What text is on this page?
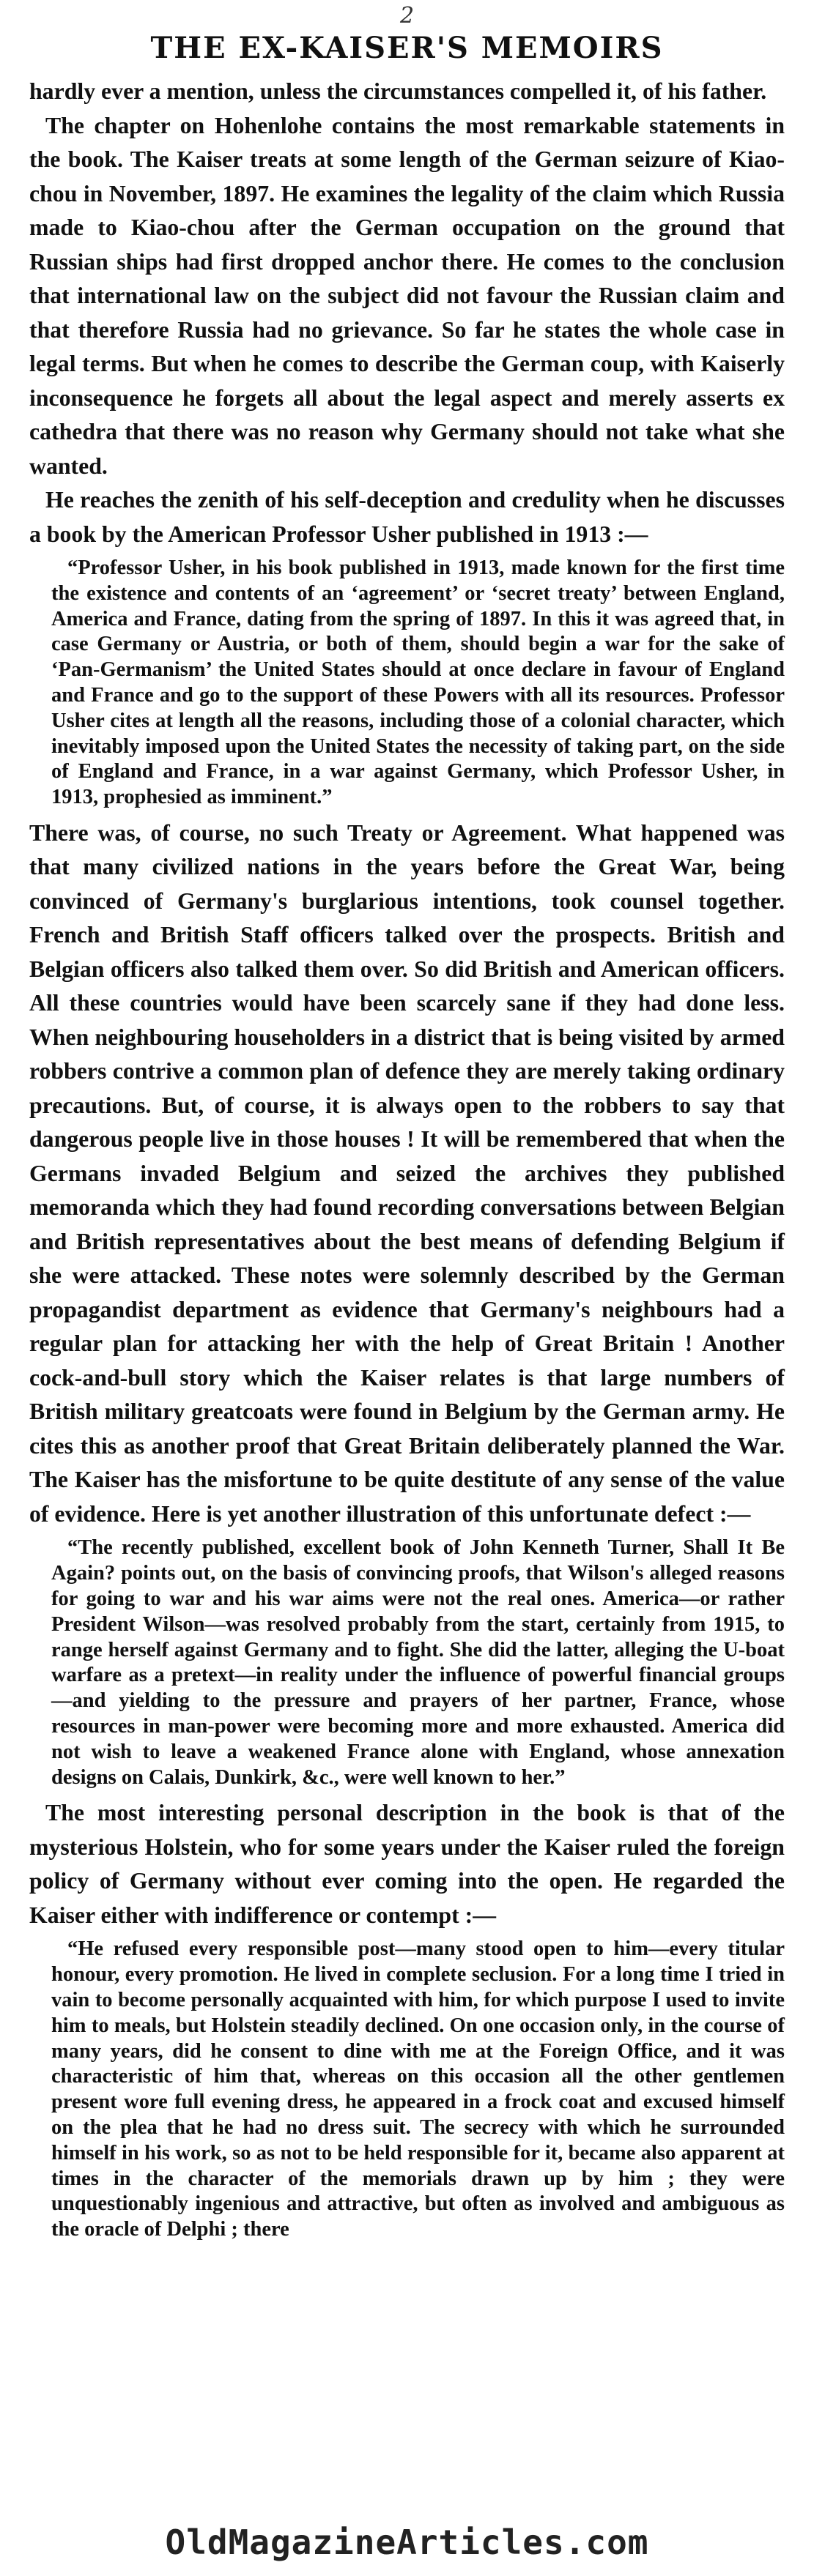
2
THE EX-KAISER'S MEMOIRS

hardly ever a mention, unless the circumstances compelled it, of his father.

The chapter on Hohenlohe contains the most remarkable statements in the book. The Kaiser treats at some length of the German seizure of Kiao-chou in November, 1897. He examines the legality of the claim which Russia made to Kiao-chou after the German occupation on the ground that Russian ships had first dropped anchor there. He comes to the conclusion that international law on the subject did not favour the Russian claim and that therefore Russia had no grievance. So far he states the whole case in legal terms. But when he comes to describe the German coup, with Kaiserly inconsequence he forgets all about the legal aspect and merely asserts ex cathedra that there was no reason why Germany should not take what she wanted.

He reaches the zenith of his self-deception and credulity when he discusses a book by the American Professor Usher published in 1913 :—

“Professor Usher, in his book published in 1913, made known for the first time the existence and contents of an ‘agreement’ or ‘secret treaty’ between England, America and France, dating from the spring of 1897. In this it was agreed that, in case Germany or Austria, or both of them, should begin a war for the sake of ‘Pan-Germanism’ the United States should at once declare in favour of England and France and go to the support of these Powers with all its resources. Professor Usher cites at length all the reasons, including those of a colonial character, which inevitably imposed upon the United States the necessity of taking part, on the side of England and France, in a war against Germany, which Professor Usher, in 1913, prophesied as imminent.”

There was, of course, no such Treaty or Agreement. What happened was that many civilized nations in the years before the Great War, being convinced of Germany's burglarious intentions, took counsel together. French and British Staff officers talked over the prospects. British and Belgian officers also talked them over. So did British and American officers. All these countries would have been scarcely sane if they had done less. When neighbouring householders in a district that is being visited by armed robbers contrive a common plan of defence they are merely taking ordinary precautions. But, of course, it is always open to the robbers to say that dangerous people live in those houses ! It will be remembered that when the Germans invaded Belgium and seized the archives they published memoranda which they had found recording conversations between Belgian and British representatives about the best means of defending Belgium if she were attacked. These notes were solemnly described by the German propagandist department as evidence that Germany's neighbours had a regular plan for attacking her with the help of Great Britain ! Another cock-and-bull story which the Kaiser relates is that large numbers of British military greatcoats were found in Belgium by the German army. He cites this as another proof that Great Britain deliberately planned the War. The Kaiser has the misfortune to be quite destitute of any sense of the value of evidence. Here is yet another illustration of this unfortunate defect :—

“The recently published, excellent book of John Kenneth Turner, Shall It Be Again? points out, on the basis of convincing proofs, that Wilson's alleged reasons for going to war and his war aims were not the real ones. America—or rather President Wilson—was resolved probably from the start, certainly from 1915, to range herself against Germany and to fight. She did the latter, alleging the U-boat warfare as a pretext—in reality under the influence of powerful financial groups—and yielding to the pressure and prayers of her partner, France, whose resources in man-power were becoming more and more exhausted. America did not wish to leave a weakened France alone with England, whose annexation designs on Calais, Dunkirk, &c., were well known to her.”

The most interesting personal description in the book is that of the mysterious Holstein, who for some years under the Kaiser ruled the foreign policy of Germany without ever coming into the open. He regarded the Kaiser either with indifference or contempt :—

“He refused every responsible post—many stood open to him—every titular honour, every promotion. He lived in complete seclusion. For a long time I tried in vain to become personally acquainted with him, for which purpose I used to invite him to meals, but Holstein steadily declined. On one occasion only, in the course of many years, did he consent to dine with me at the Foreign Office, and it was characteristic of him that, whereas on this occasion all the other gentlemen present wore full evening dress, he appeared in a frock coat and excused himself on the plea that he had no dress suit. The secrecy with which he surrounded himself in his work, so as not to be held responsible for it, became also apparent at times in the character of the memorials drawn up by him ; they were unquestionably ingenious and attractive, but often as involved and ambiguous as the oracle of Delphi ; there
OldMagazineArticles.com
